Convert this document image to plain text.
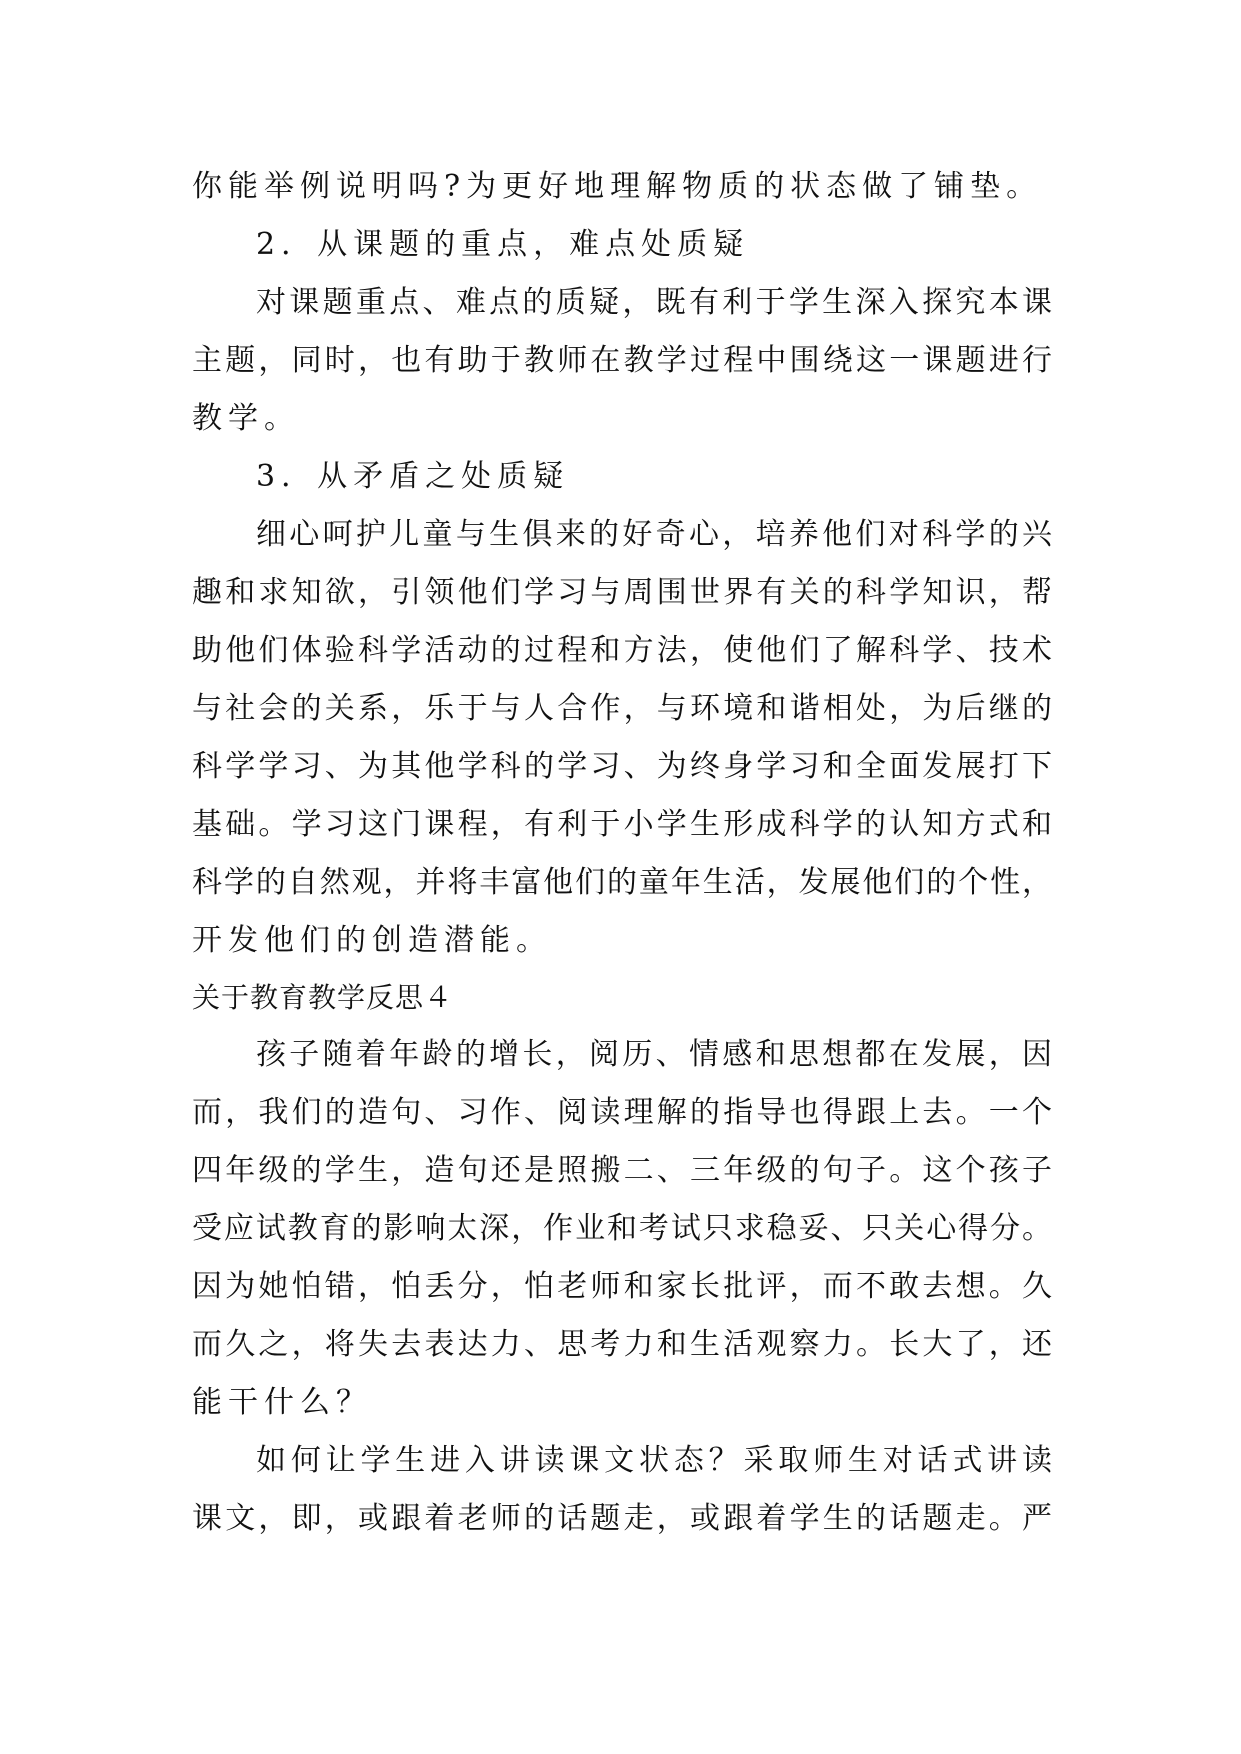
你能举例说明吗?为更好地理解物质的状态做了铺垫。
2．从课题的重点，难点处质疑
对课题重点、难点的质疑，既有利于学生深入探究本课
主题，同时，也有助于教师在教学过程中围绕这一课题进行
教学。
3．从矛盾之处质疑
细心呵护儿童与生俱来的好奇心，培养他们对科学的兴
趣和求知欲，引领他们学习与周围世界有关的科学知识，帮
助他们体验科学活动的过程和方法，使他们了解科学、技术
与社会的关系，乐于与人合作，与环境和谐相处，为后继的
科学学习、为其他学科的学习、为终身学习和全面发展打下
基础。学习这门课程，有利于小学生形成科学的认知方式和
科学的自然观，并将丰富他们的童年生活，发展他们的个性，
开发他们的创造潜能。
关于教育教学反思４
孩子随着年龄的增长，阅历、情感和思想都在发展，因
而，我们的造句、习作、阅读理解的指导也得跟上去。一个
四年级的学生，造句还是照搬二、三年级的句子。这个孩子
受应试教育的影响太深，作业和考试只求稳妥、只关心得分。
因为她怕错，怕丢分，怕老师和家长批评，而不敢去想。久
而久之，将失去表达力、思考力和生活观察力。长大了，还
能干什么？
如何让学生进入讲读课文状态？采取师生对话式讲读
课文，即，或跟着老师的话题走，或跟着学生的话题走。严
